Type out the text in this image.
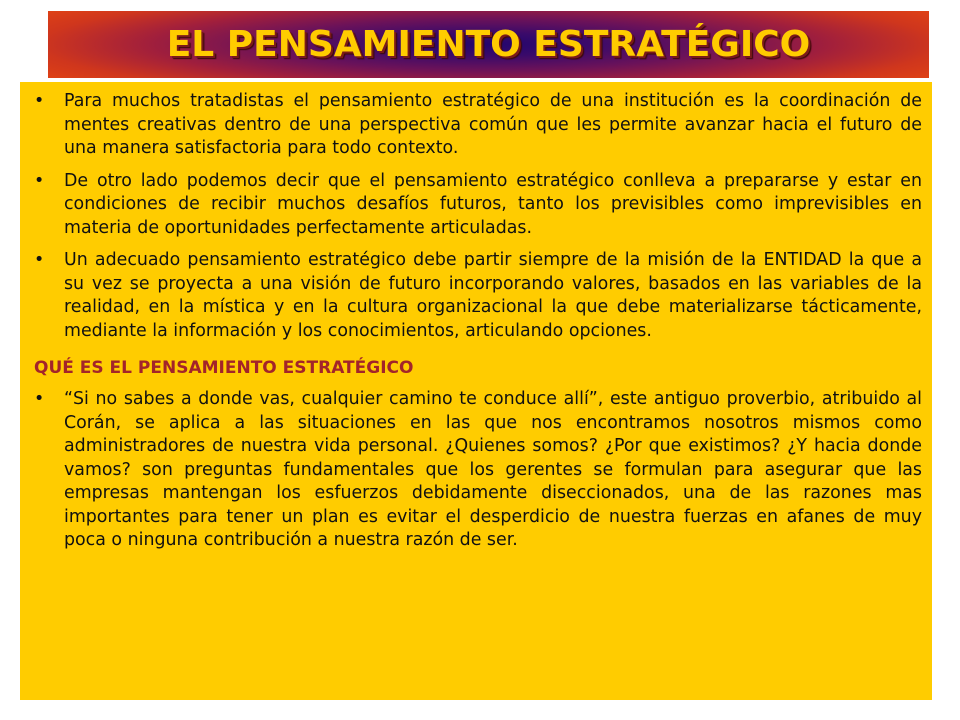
EL PENSAMIENTO ESTRATÉGICO
•	Para muchos tratadistas el pensamiento estratégico de una institución es la coordinación de mentes creativas dentro de una perspectiva común que les permite avanzar hacia el futuro de una manera satisfactoria para todo contexto.
•	De otro lado podemos decir que el pensamiento estratégico conlleva a prepararse y estar en condiciones de recibir muchos desafíos futuros, tanto los previsibles como imprevisibles en materia de oportunidades perfectamente articuladas.
•	Un adecuado pensamiento estratégico debe partir siempre de la misión de la ENTIDAD la que a su vez se proyecta a una visión de futuro incorporando valores, basados en las variables de la realidad, en la mística y en la cultura organizacional la que debe materializarse tácticamente, mediante la información y los conocimientos, articulando opciones.
QUÉ ES EL PENSAMIENTO ESTRATÉGICO
•	“Si no sabes a donde vas, cualquier camino te conduce allí”, este antiguo proverbio, atribuido al Corán, se aplica a las situaciones en las que nos encontramos nosotros mismos como administradores de nuestra vida personal. ¿Quienes somos? ¿Por que existimos? ¿Y hacia donde vamos? son preguntas fundamentales que los gerentes se formulan para asegurar que las empresas mantengan los esfuerzos debidamente diseccionados, una de las razones mas importantes para tener un plan es evitar el desperdicio de nuestra fuerzas en afanes de muy poca o ninguna contribución a nuestra razón de ser.
